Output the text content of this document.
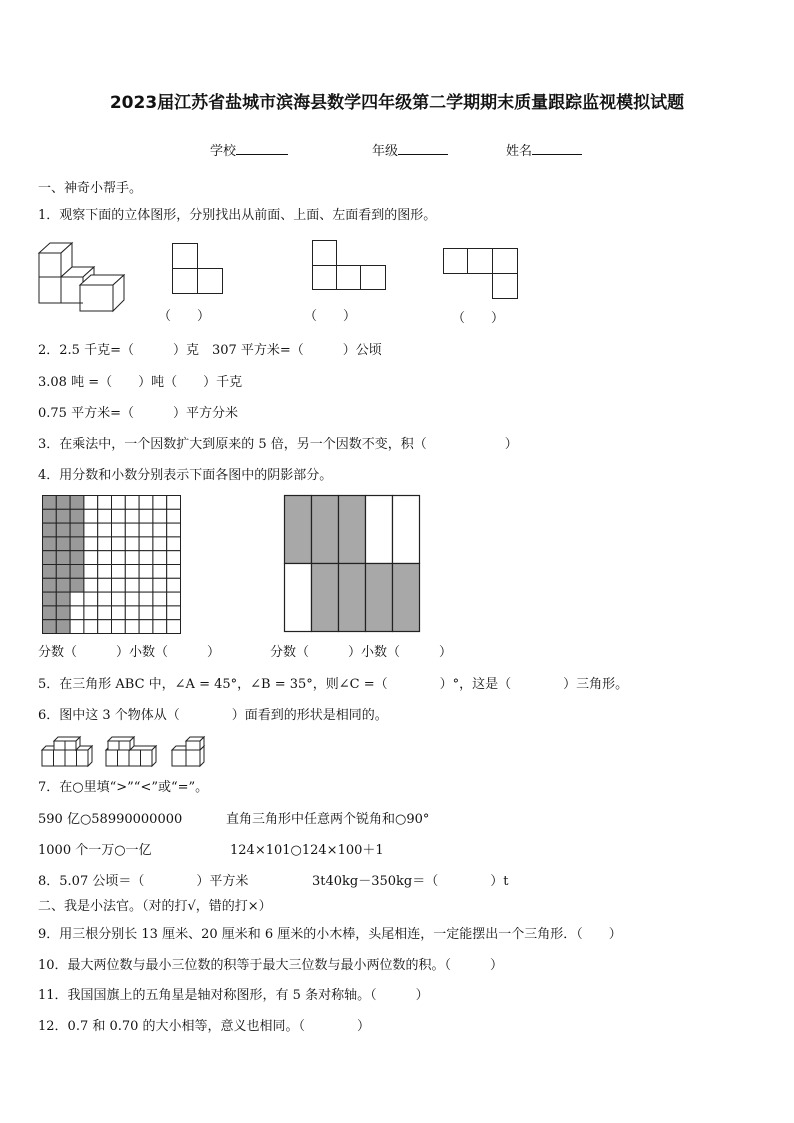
2023届江苏省盐城市滨海县数学四年级第二学期期末质量跟踪监视模拟试题
学校	年级	姓名
一、神奇小帮手。
1．观察下面的立体图形，分别找出从前面、上面、左面看到的图形。
（　　）	（　　）	（　　）
2．2.5 千克=（　　　）克　307 平方米=（　　　）公顷
3.08 吨 =（　　）吨（　　）千克
0.75 平方米=（　　　）平方分米
3．在乘法中，一个因数扩大到原来的 5 倍，另一个因数不变，积（　　　　　　）
4．用分数和小数分别表示下面各图中的阴影部分。
分数（　　　）小数（　　　）	分数（　　　）小数（　　　）
5．在三角形 ABC 中，∠A = 45°，∠B = 35°，则∠C =（　　　　）°，这是（　　　　）三角形。
6．图中这 3 个物体从（　　　　）面看到的形状是相同的。
7．在○里填“>”“<”或“=”。
590 亿○58990000000	直角三角形中任意两个锐角和○90°
1000 个一万○一亿	124×101○124×100＋1
8．5.07 公顷＝（　　　　）平方米	3t40kg－350kg＝（　　　　）t
二、我是小法官。（对的打√，错的打×）
9．用三根分别长 13 厘米、20 厘米和 6 厘米的小木棒，头尾相连，一定能摆出一个三角形．（　　）
10．最大两位数与最小三位数的积等于最大三位数与最小两位数的积。（　　　）
11．我国国旗上的五角星是轴对称图形，有 5 条对称轴。（　　　）
12．0.7 和 0.70 的大小相等，意义也相同。（　　　　）
